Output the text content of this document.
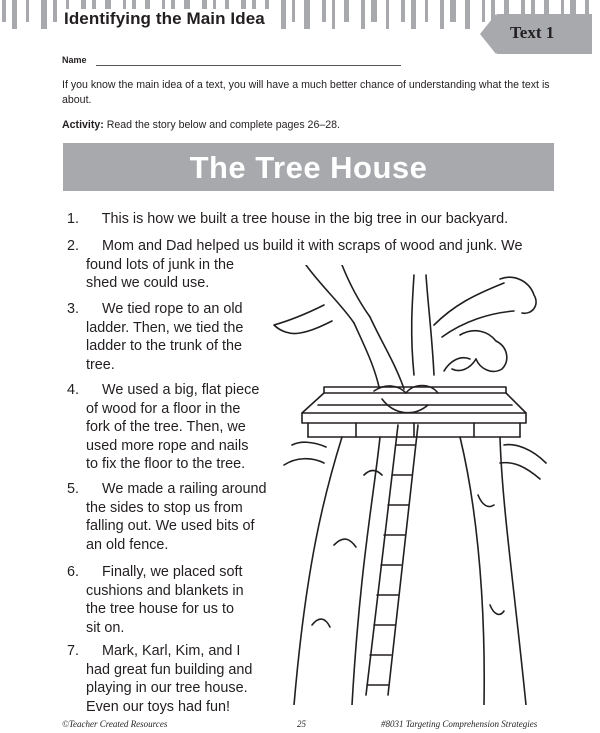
Identifying the Main Idea
Text 1
Name
If you know the main idea of a text, you will have a much better chance of understanding what the text is about.
Activity: Read the story below and complete pages 26–28.
The Tree House
1. This is how we built a tree house in the big tree in our backyard.
2. Mom and Dad helped us build it with scraps of wood and junk. We
found lots of junk in the
shed we could use.
3. We tied rope to an old
ladder. Then, we tied the
ladder to the trunk of the
tree.
4. We used a big, flat piece
of wood for a floor in the
fork of the tree. Then, we
used more rope and nails
to fix the floor to the tree.
5. We made a railing around
the sides to stop us from
falling out. We used bits of
an old fence.
6. Finally, we placed soft
cushions and blankets in
the tree house for us to
sit on.
7. Mark, Karl, Kim, and I
had great fun building and
playing in our tree house.
Even our toys had fun!
©Teacher Created Resources	25	#8031 Targeting Comprehension Strategies
